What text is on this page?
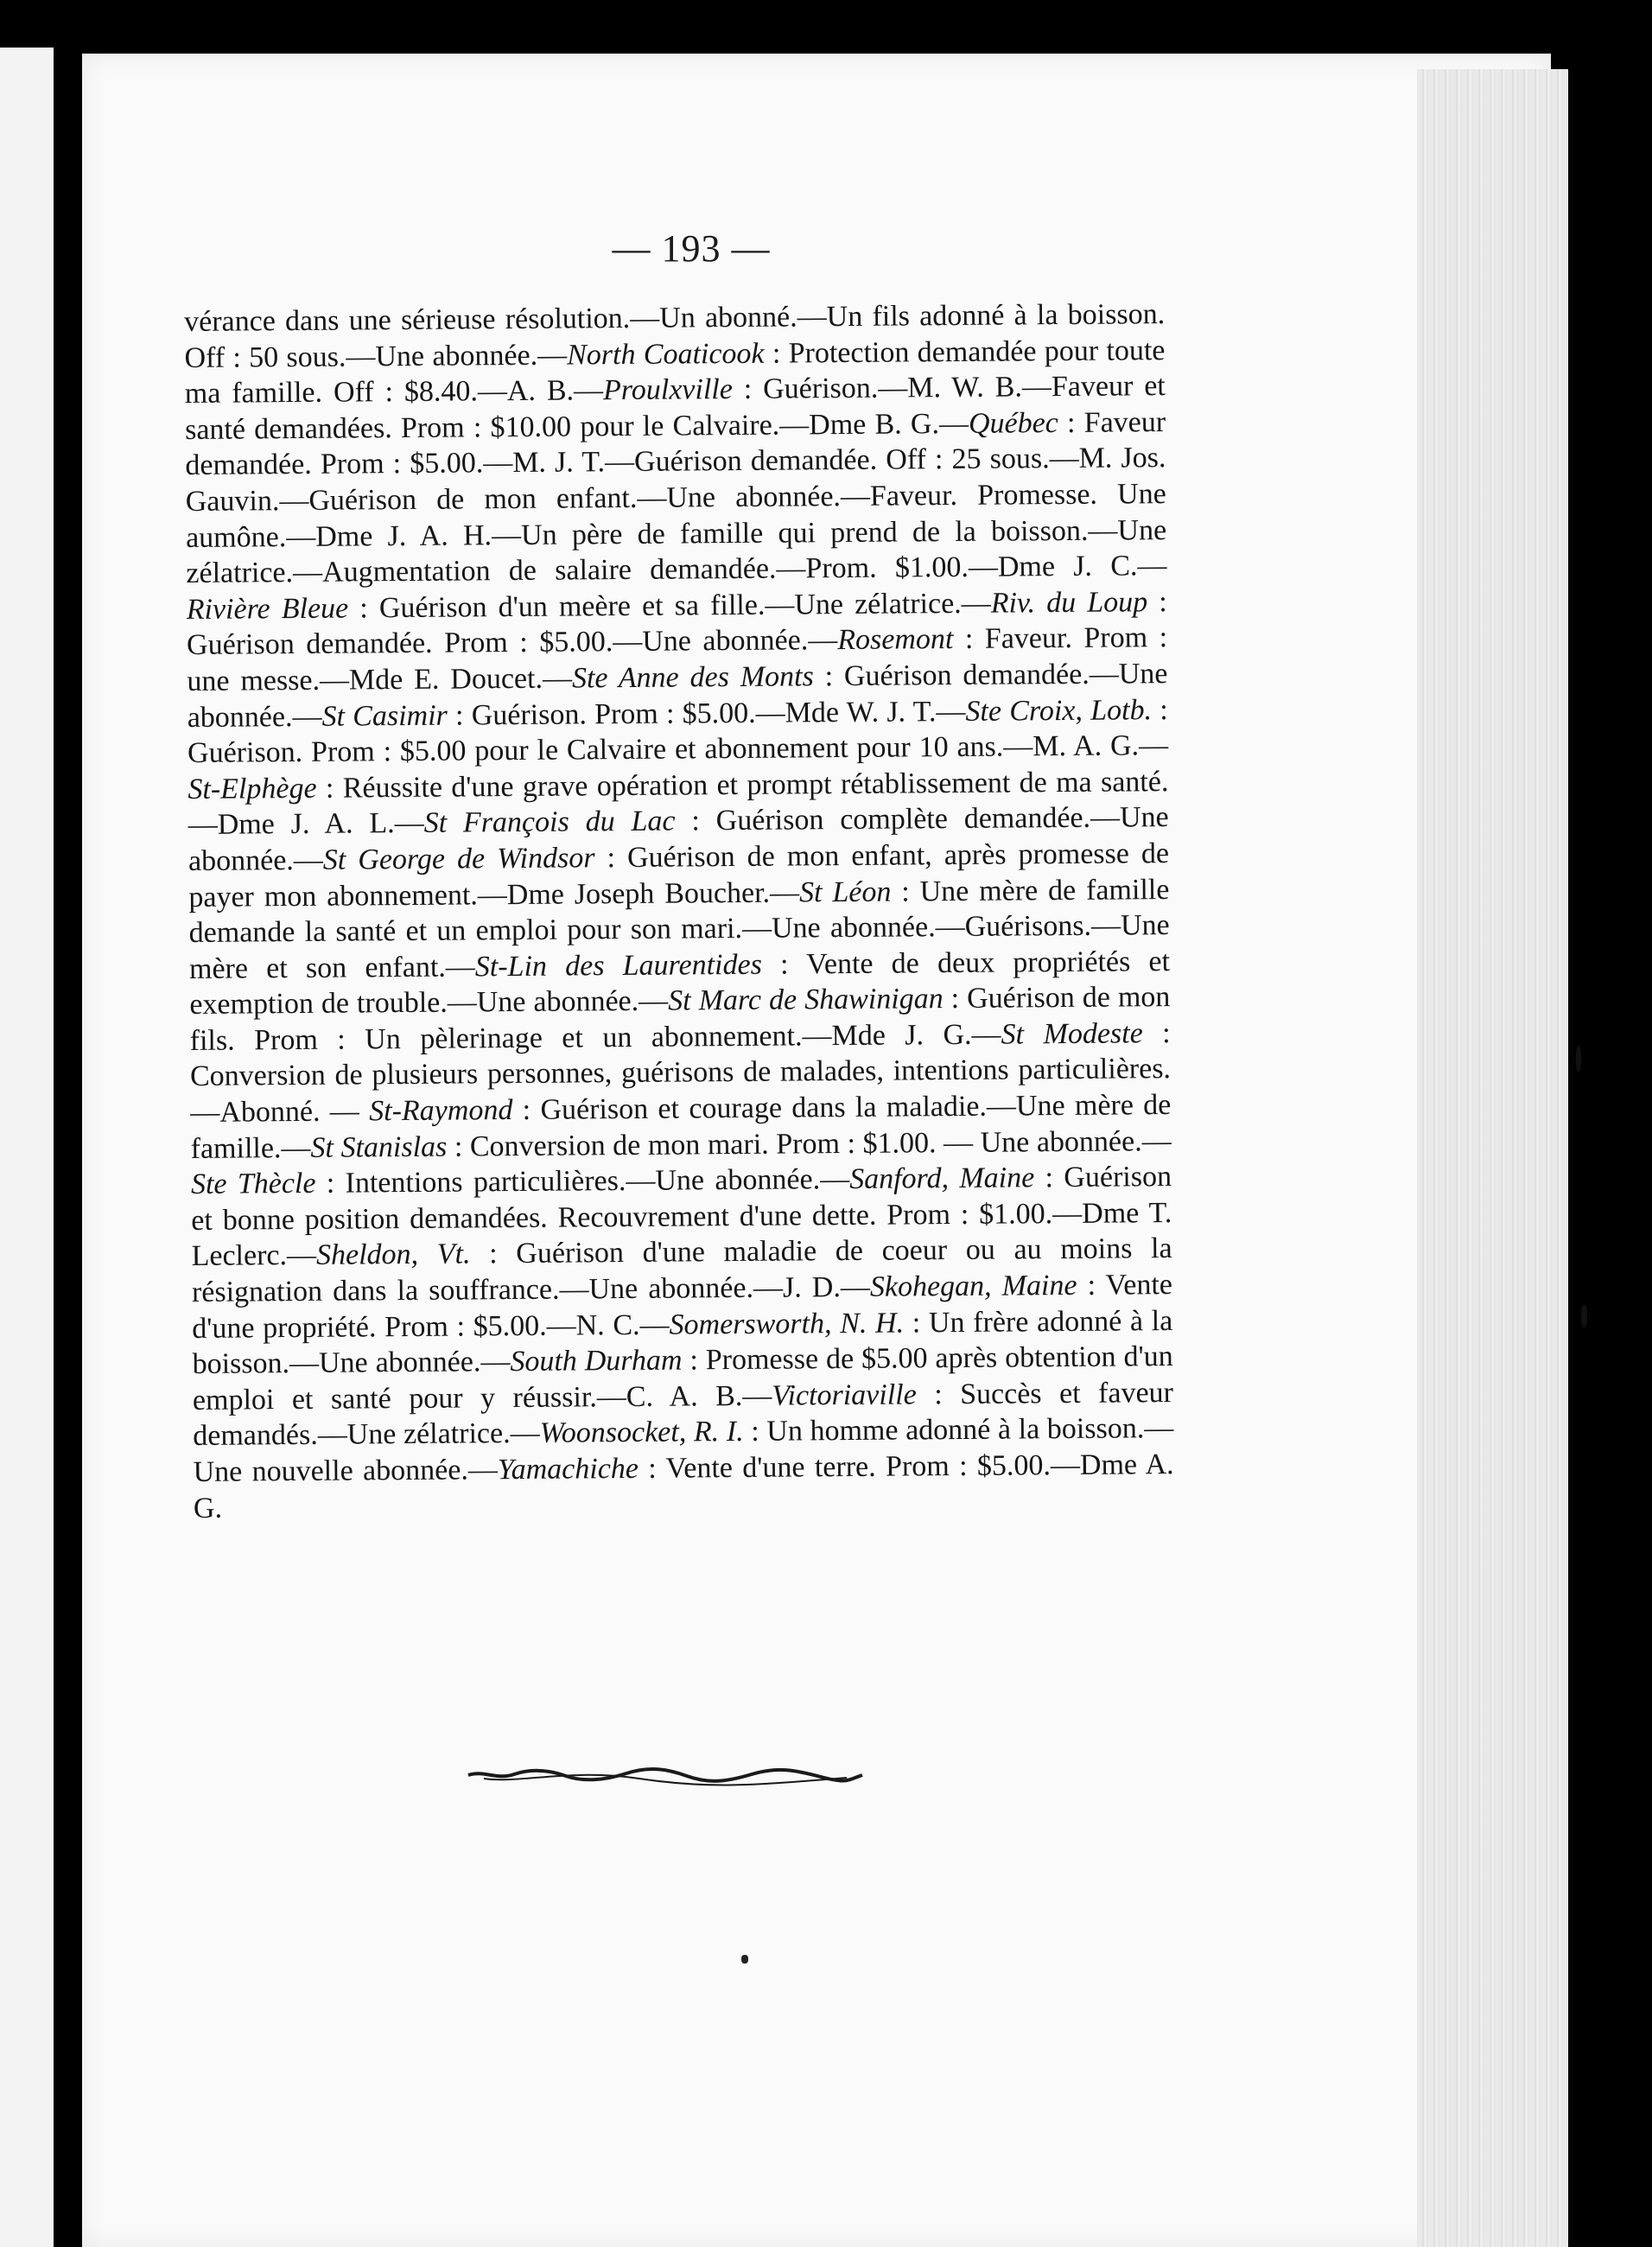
— 193 —
vérance dans une sérieuse résolution.—Un abonné.—Un fils adonné à la boisson. Off : 50 sous.—Une abonnée.—North Coaticook : Protection demandée pour toute ma famille. Off : $8.40.—A. B.—Proulxville : Guérison.—M. W. B.—Faveur et santé demandées. Prom : $10.00 pour le Calvaire.—Dme B. G.—Québec : Faveur demandée. Prom : $5.00.—M. J. T.—Guérison demandée. Off : 25 sous.—M. Jos. Gauvin.—Guérison de mon enfant.—Une abonnée.—Faveur. Promesse. Une aumône.—Dme J. A. H.—Un père de famille qui prend de la boisson.—Une zélatrice.—Augmentation de salaire demandée.—Prom. $1.00.—Dme J. C.—Rivière Bleue : Guérison d'un meère et sa fille.—Une zélatrice.—Riv. du Loup : Guérison demandée. Prom : $5.00.—Une abonnée.—Rosemont : Faveur. Prom : une messe.—Mde E. Doucet.—Ste Anne des Monts : Guérison demandée.—Une abonnée.—St Casimir : Guérison. Prom : $5.00.—Mde W. J. T.—Ste Croix, Lotb. : Guérison. Prom : $5.00 pour le Calvaire et abonnement pour 10 ans.—M. A. G.—St-Elphège : Réussite d'une grave opération et prompt rétablissement de ma santé.—Dme J. A. L.—St François du Lac : Guérison complète demandée.—Une abonnée.—St George de Windsor : Guérison de mon enfant, après promesse de payer mon abonnement.—Dme Joseph Boucher.—St Léon : Une mère de famille demande la santé et un emploi pour son mari.—Une abonnée.—Guérisons.—Une mère et son enfant.—St-Lin des Laurentides : Vente de deux propriétés et exemption de trouble.—Une abonnée.—St Marc de Shawinigan : Guérison de mon fils. Prom : Un pèlerinage et un abonnement.—Mde J. G.—St Modeste : Conversion de plusieurs personnes, guérisons de malades, intentions particulières.—Abonné. — St-Raymond : Guérison et courage dans la maladie.—Une mère de famille.—St Stanislas : Conversion de mon mari. Prom : $1.00. — Une abonnée.—Ste Thècle : Intentions particulières.—Une abonnée.—Sanford, Maine : Guérison et bonne position demandées. Recouvrement d'une dette. Prom : $1.00.—Dme T. Leclerc.—Sheldon, Vt. : Guérison d'une maladie de coeur ou au moins la résignation dans la souffrance.—Une abonnée.—J. D.—Skohegan, Maine : Vente d'une propriété. Prom : $5.00.—N. C.—Somersworth, N. H. : Un frère adonné à la boisson.—Une abonnée.—South Durham : Promesse de $5.00 après obtention d'un emploi et santé pour y réussir.—C. A. B.—Victoriaville : Succès et faveur demandés.—Une zélatrice.—Woonsocket, R. I. : Un homme adonné à la boisson.—Une nouvelle abonnée.—Yamachiche : Vente d'une terre. Prom : $5.00.—Dme A. G.
